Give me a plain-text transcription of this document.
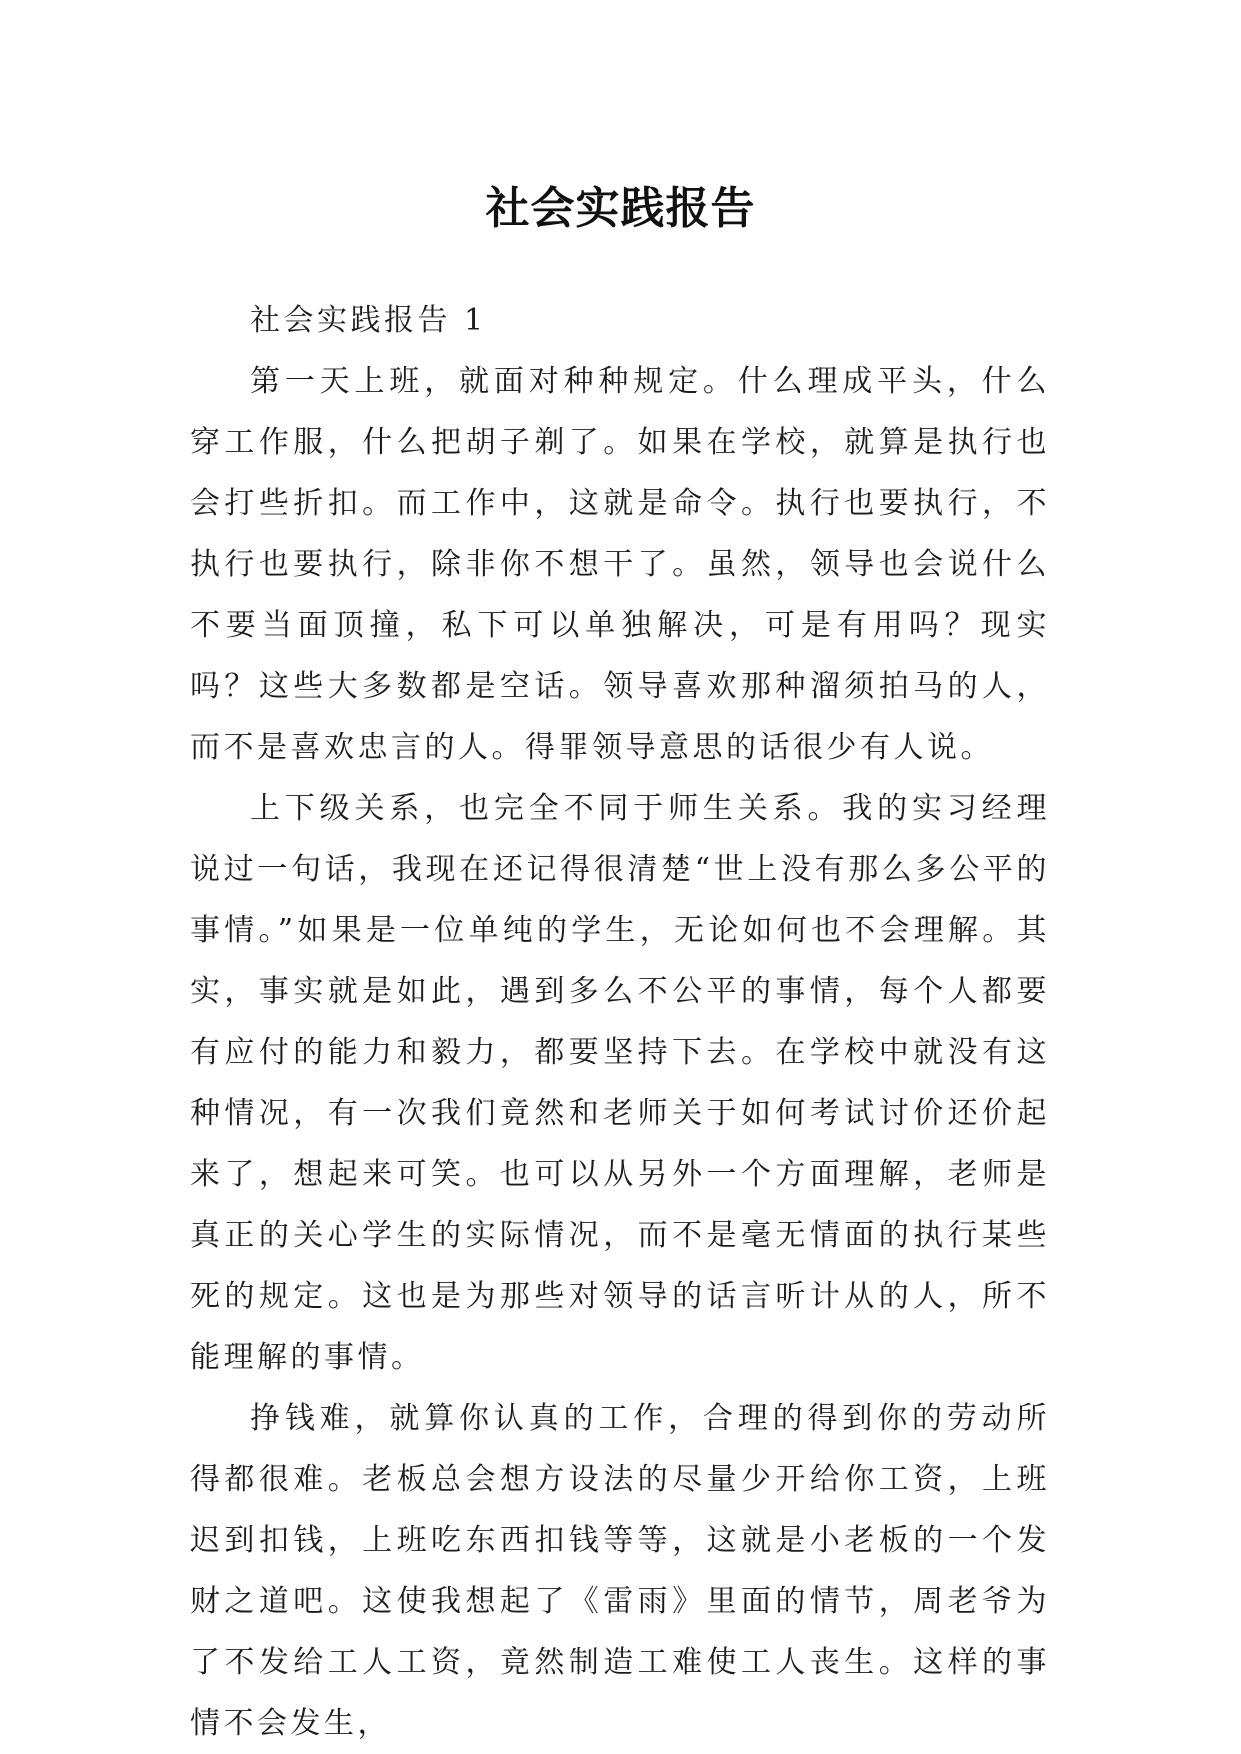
社会实践报告

社会实践报告 1

第一天上班，就面对种种规定。什么理成平头，什么穿工作服，什么把胡子剃了。如果在学校，就算是执行也会打些折扣。而工作中，这就是命令。执行也要执行，不执行也要执行，除非你不想干了。虽然，领导也会说什么不要当面顶撞，私下可以单独解决，可是有用吗？现实吗？这些大多数都是空话。领导喜欢那种溜须拍马的人，而不是喜欢忠言的人。得罪领导意思的话很少有人说。

上下级关系，也完全不同于师生关系。我的实习经理说过一句话，我现在还记得很清楚“世上没有那么多公平的事情。”如果是一位单纯的学生，无论如何也不会理解。其实，事实就是如此，遇到多么不公平的事情，每个人都要有应付的能力和毅力，都要坚持下去。在学校中就没有这种情况，有一次我们竟然和老师关于如何考试讨价还价起来了，想起来可笑。也可以从另外一个方面理解，老师是真正的关心学生的实际情况，而不是毫无情面的执行某些死的规定。这也是为那些对领导的话言听计从的人，所不能理解的事情。

挣钱难，就算你认真的工作，合理的得到你的劳动所得都很难。老板总会想方设法的尽量少开给你工资，上班迟到扣钱，上班吃东西扣钱等等，这就是小老板的一个发财之道吧。这使我想起了《雷雨》里面的情节，周老爷为了不发给工人工资，竟然制造工难使工人丧生。这样的事情不会发生，
